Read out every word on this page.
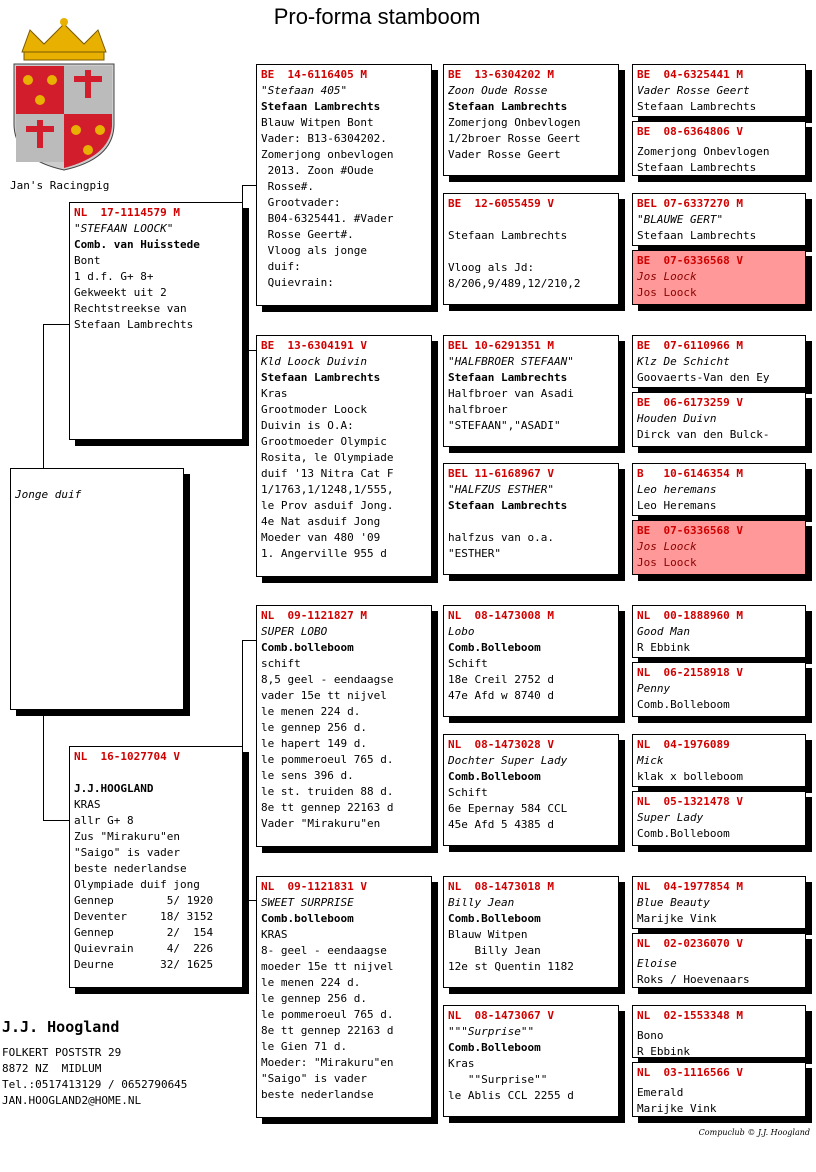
Pro-forma stamboom
Jan's Racingpig
Jonge duif
NL  17-1114579 M
"STEFAAN LOOCK"
Comb. van Huisstede
Bont
1 d.f. G+ 8+
Gekweekt uit 2
Rechtstreekse van
Stefaan Lambrechts
NL  16-1027704 V
J.J.HOOGLAND
KRAS
allr G+ 8
Zus "Mirakuru"en
"Saigo" is vader
beste nederlandse
Olympiade duif jong
Gennep        5/ 1920
Deventer     18/ 3152
Gennep        2/  154
Quievrain     4/  226
Deurne       32/ 1625
BE  14-6116405 M
"Stefaan 405"
Stefaan Lambrechts
Blauw Witpen Bont
Vader: B13-6304202.
Zomerjong onbevlogen
2013. Zoon #Oude
Rosse#.
Grootvader:
B04-6325441. #Vader
Rosse Geert#.
Vloog als jonge
duif:
Quievrain:
BE  13-6304191 V
Kld Loock Duivin
Stefaan Lambrechts
Kras
Grootmoder Loock
Duivin is O.A:
Grootmoeder Olympic
Rosita, le Olympiade
duif '13 Nitra Cat F
1/1763,1/1248,1/555,
le Prov asduif Jong.
4e Nat asduif Jong
Moeder van 480 '09
1. Angerville 955 d
NL  09-1121827 M
SUPER LOBO
Comb.bolleboom
schift
8,5 geel - eendaagse
vader 15e tt nijvel
le menen 224 d.
le gennep 256 d.
le hapert 149 d.
le pommeroeul 765 d.
le sens 396 d.
le st. truiden 88 d.
8e tt gennep 22163 d
Vader "Mirakuru"en
NL  09-1121831 V
SWEET SURPRISE
Comb.bolleboom
KRAS
8- geel - eendaagse
moeder 15e tt nijvel
le menen 224 d.
le gennep 256 d.
le pommeroeul 765 d.
8e tt gennep 22163 d
le Gien 71 d.
Moeder: "Mirakuru"en
"Saigo" is vader
beste nederlandse
BE  13-6304202 M
Zoon Oude Rosse
Stefaan Lambrechts
Zomerjong Onbevlogen
1/2broer Rosse Geert
Vader Rosse Geert
BE  12-6055459 V
Stefaan Lambrechts

Vloog als Jd:
8/206,9/489,12/210,2
BEL 10-6291351 M
"HALFBROER STEFAAN"
Stefaan Lambrechts
Halfbroer van Asadi
halfbroer
"STEFAAN","ASADI"
BEL 11-6168967 V
"HALFZUS ESTHER"
Stefaan Lambrechts

halfzus van o.a.
"ESTHER"
NL  08-1473008 M
Lobo
Comb.Bolleboom
Schift
18e Creil 2752 d
47e Afd w 8740 d
NL  08-1473028 V
Dochter Super Lady
Comb.Bolleboom
Schift
6e Epernay 584 CCL
45e Afd 5 4385 d
NL  08-1473018 M
Billy Jean
Comb.Bolleboom
Blauw Witpen
Billy Jean
12e st Quentin 1182
NL  08-1473067 V
"""Surprise""
Comb.Bolleboom
Kras
""Surprise""
le Ablis CCL 2255 d
BE  04-6325441 M
Vader Rosse Geert
Stefaan Lambrechts
BE  08-6364806 V
Zomerjong Onbevlogen
Stefaan Lambrechts
BEL 07-6337270 M
"BLAUWE GERT"
Stefaan Lambrechts
BE  07-6336568 V
Jos Loock
Jos Loock
BE  07-6110966 M
Klz De Schicht
Goovaerts-Van den Ey
BE  06-6173259 V
Houden Duivn
Dirck van den Bulck-
B   10-6146354 M
Leo heremans
Leo Heremans
BE  07-6336568 V
Jos Loock
Jos Loock
NL  00-1888960 M
Good Man
R Ebbink
NL  06-2158918 V
Penny
Comb.Bolleboom
NL  04-1976089
Mick
klak x bolleboom
NL  05-1321478 V
Super Lady
Comb.Bolleboom
NL  04-1977854 M
Blue Beauty
Marijke Vink
NL  02-0236070 V
Eloise
Roks / Hoevenaars
NL  02-1553348 M
Bono
R Ebbink
NL  03-1116566 V
Emerald
Marijke Vink
J.J. Hoogland
FOLKERT POSTSTR 29
8872 NZ  MIDLUM
Tel.:0517413129 / 0652790645
JAN.HOOGLAND2@HOME.NL
Compuclub © J.J. Hoogland
